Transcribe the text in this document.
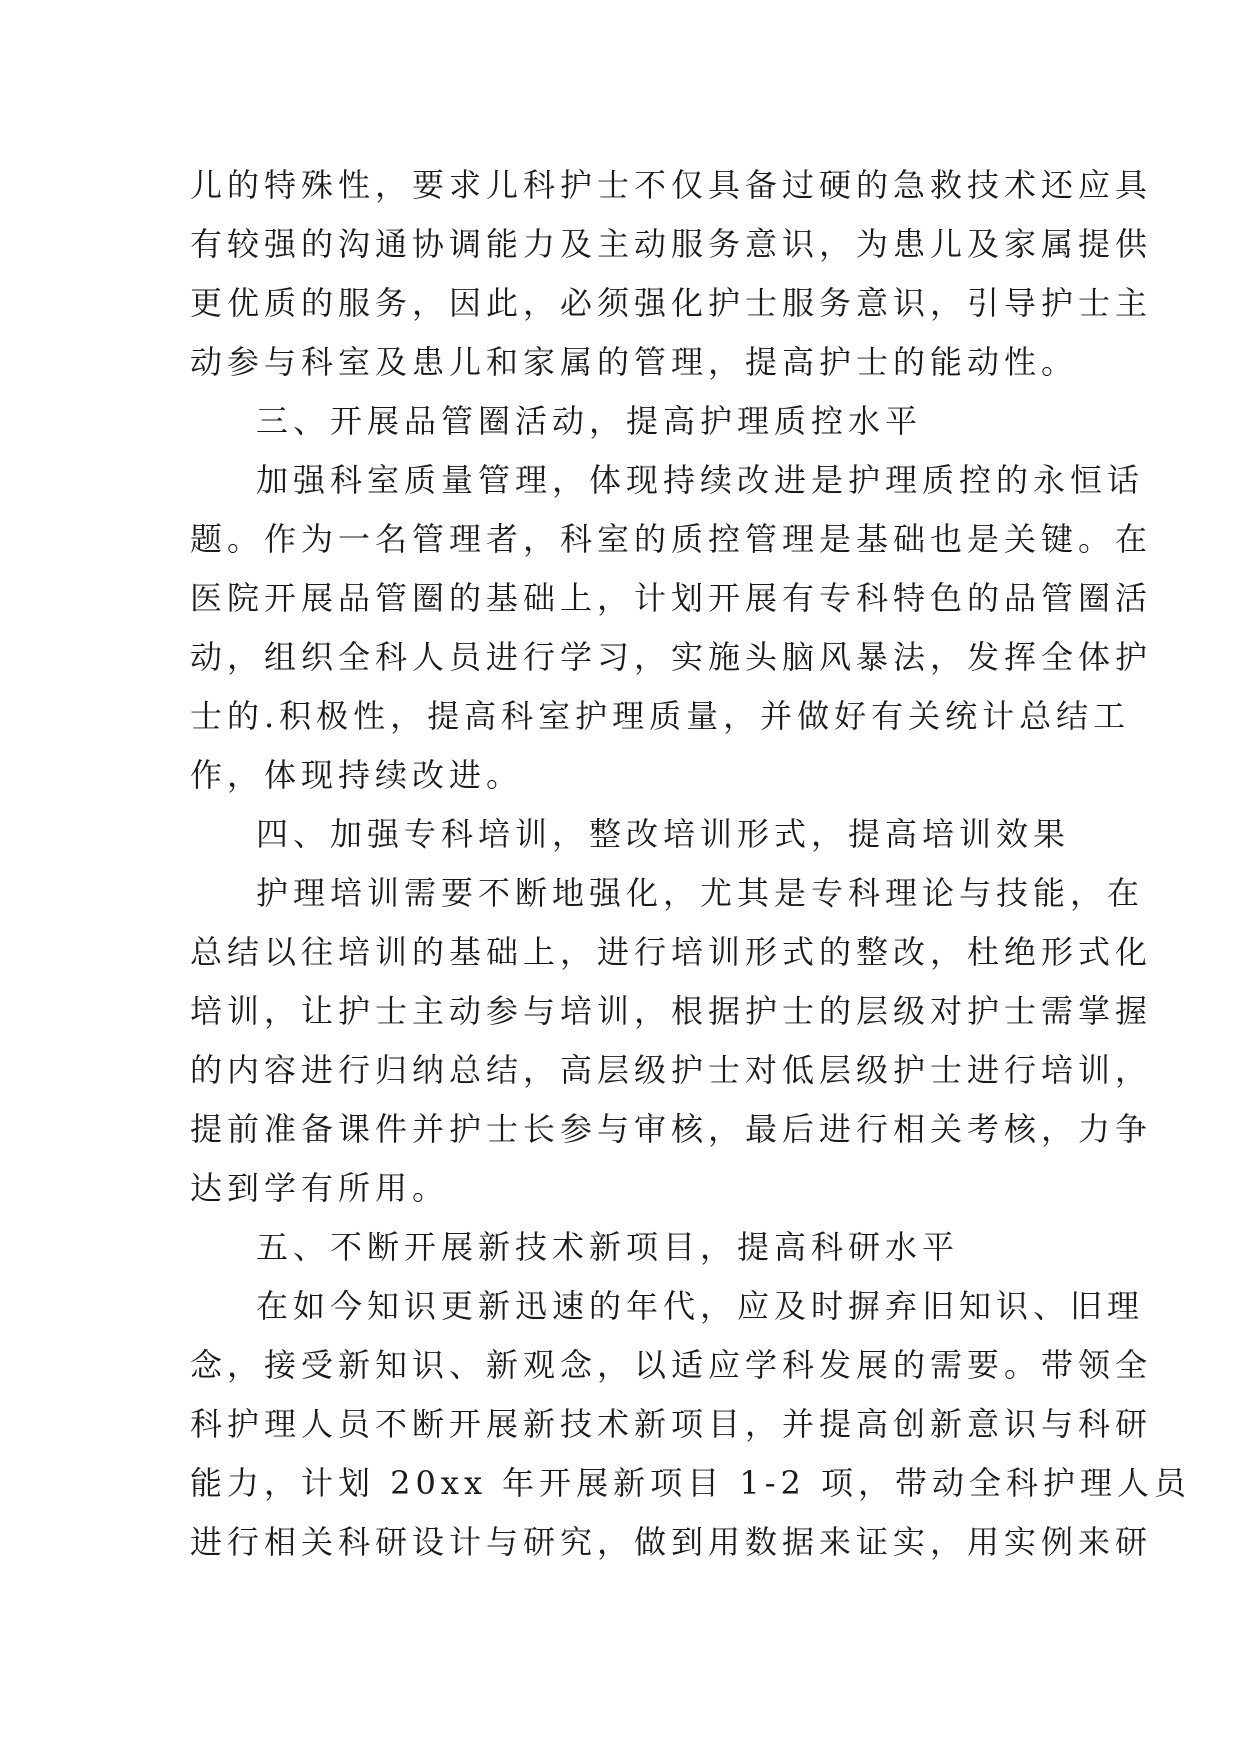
儿的特殊性，要求儿科护士不仅具备过硬的急救技术还应具
有较强的沟通协调能力及主动服务意识，为患儿及家属提供
更优质的服务，因此，必须强化护士服务意识，引导护士主
动参与科室及患儿和家属的管理，提高护士的能动性。
三、开展品管圈活动，提高护理质控水平
加强科室质量管理，体现持续改进是护理质控的永恒话
题。作为一名管理者，科室的质控管理是基础也是关键。在
医院开展品管圈的基础上，计划开展有专科特色的品管圈活
动，组织全科人员进行学习，实施头脑风暴法，发挥全体护
士的.积极性，提高科室护理质量，并做好有关统计总结工
作，体现持续改进。
四、加强专科培训，整改培训形式，提高培训效果
护理培训需要不断地强化，尤其是专科理论与技能，在
总结以往培训的基础上，进行培训形式的整改，杜绝形式化
培训，让护士主动参与培训，根据护士的层级对护士需掌握
的内容进行归纳总结，高层级护士对低层级护士进行培训，
提前准备课件并护士长参与审核，最后进行相关考核，力争
达到学有所用。
五、不断开展新技术新项目，提高科研水平
在如今知识更新迅速的年代，应及时摒弃旧知识、旧理
念，接受新知识、新观念，以适应学科发展的需要。带领全
科护理人员不断开展新技术新项目，并提高创新意识与科研
能力，计划 20xx 年开展新项目 1-2 项，带动全科护理人员
进行相关科研设计与研究，做到用数据来证实，用实例来研
